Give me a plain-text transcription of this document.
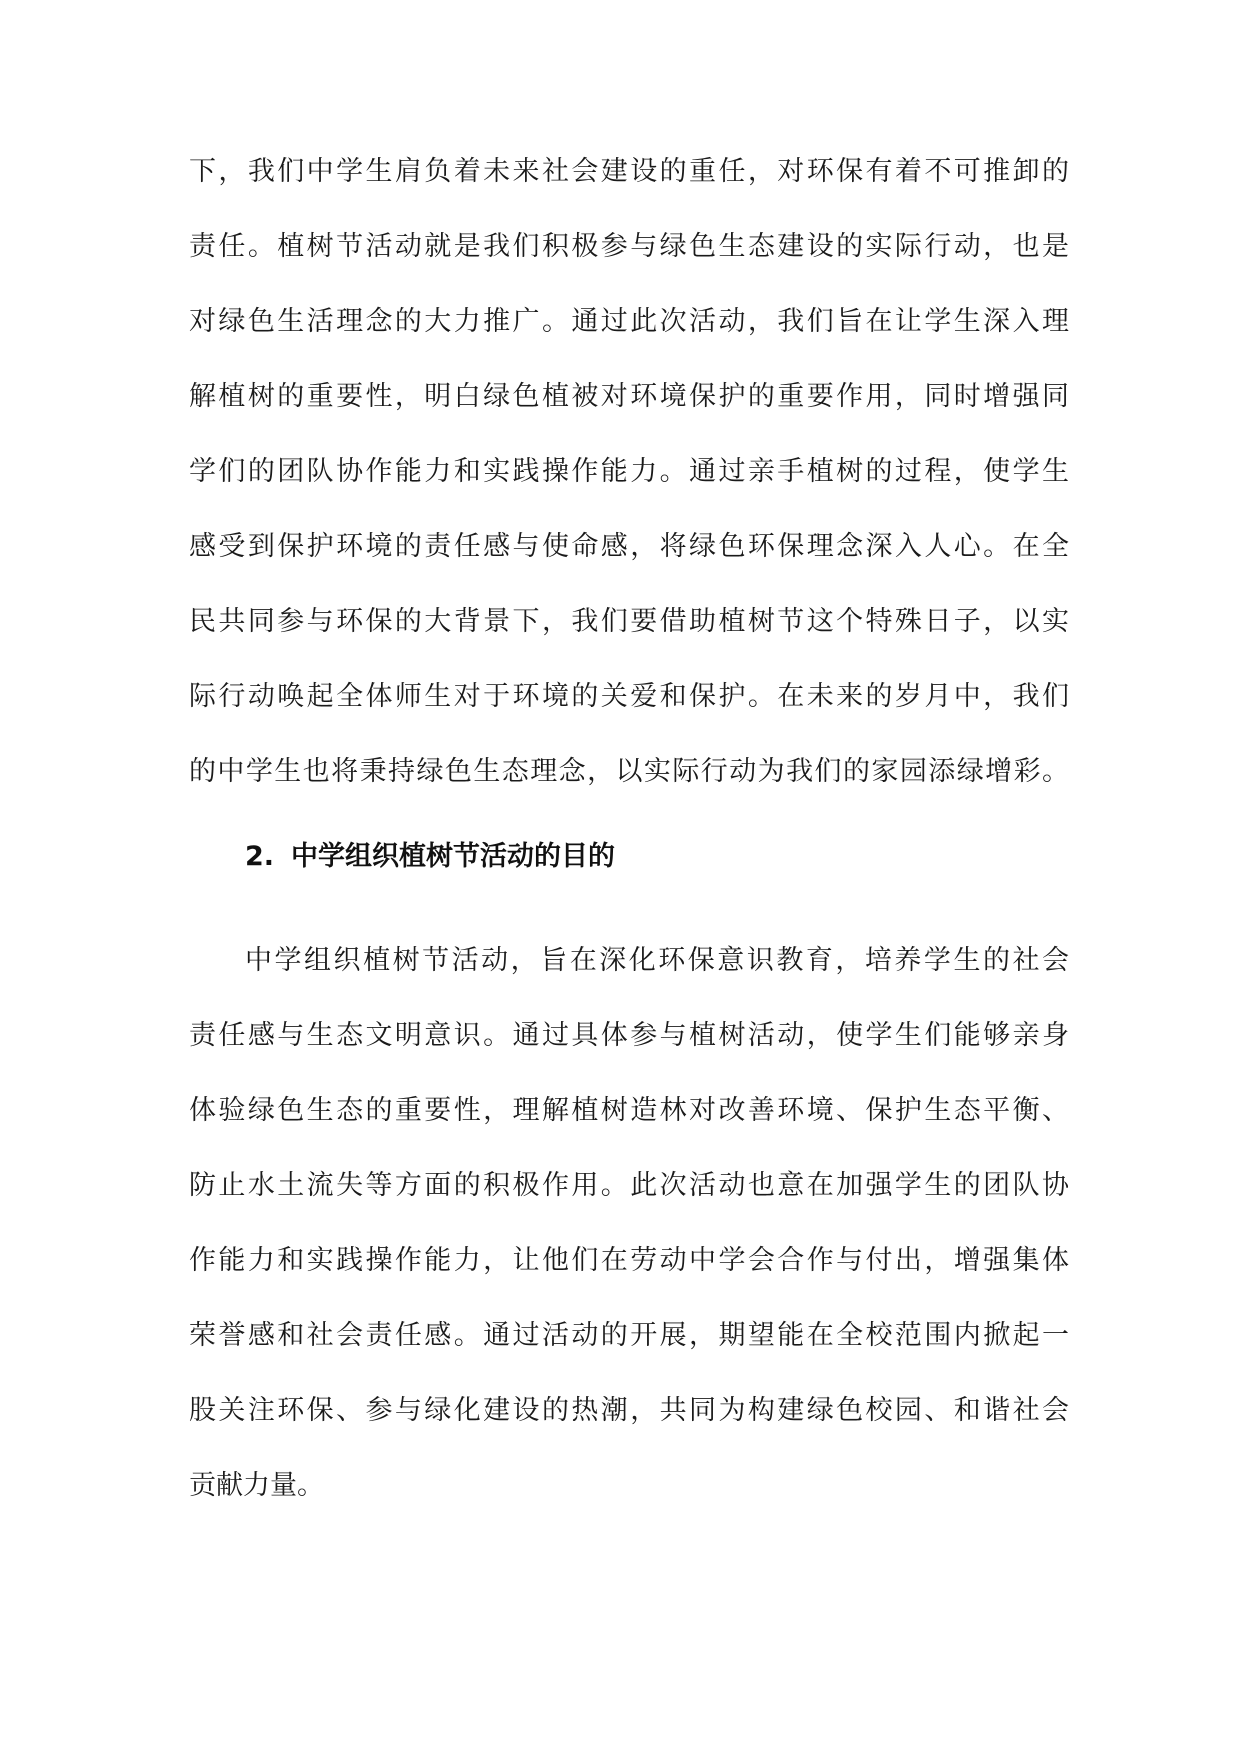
下，我们中学生肩负着未来社会建设的重任，对环保有着不可推卸的
责任。植树节活动就是我们积极参与绿色生态建设的实际行动，也是
对绿色生活理念的大力推广。通过此次活动，我们旨在让学生深入理
解植树的重要性，明白绿色植被对环境保护的重要作用，同时增强同
学们的团队协作能力和实践操作能力。通过亲手植树的过程，使学生
感受到保护环境的责任感与使命感，将绿色环保理念深入人心。在全
民共同参与环保的大背景下，我们要借助植树节这个特殊日子，以实
际行动唤起全体师生对于环境的关爱和保护。在未来的岁月中，我们
的中学生也将秉持绿色生态理念，以实际行动为我们的家园添绿增彩。
2. 中学组织植树节活动的目的
中学组织植树节活动，旨在深化环保意识教育，培养学生的社会
责任感与生态文明意识。通过具体参与植树活动，使学生们能够亲身
体验绿色生态的重要性，理解植树造林对改善环境、保护生态平衡、
防止水土流失等方面的积极作用。此次活动也意在加强学生的团队协
作能力和实践操作能力，让他们在劳动中学会合作与付出，增强集体
荣誉感和社会责任感。通过活动的开展，期望能在全校范围内掀起一
股关注环保、参与绿化建设的热潮，共同为构建绿色校园、和谐社会
贡献力量。
